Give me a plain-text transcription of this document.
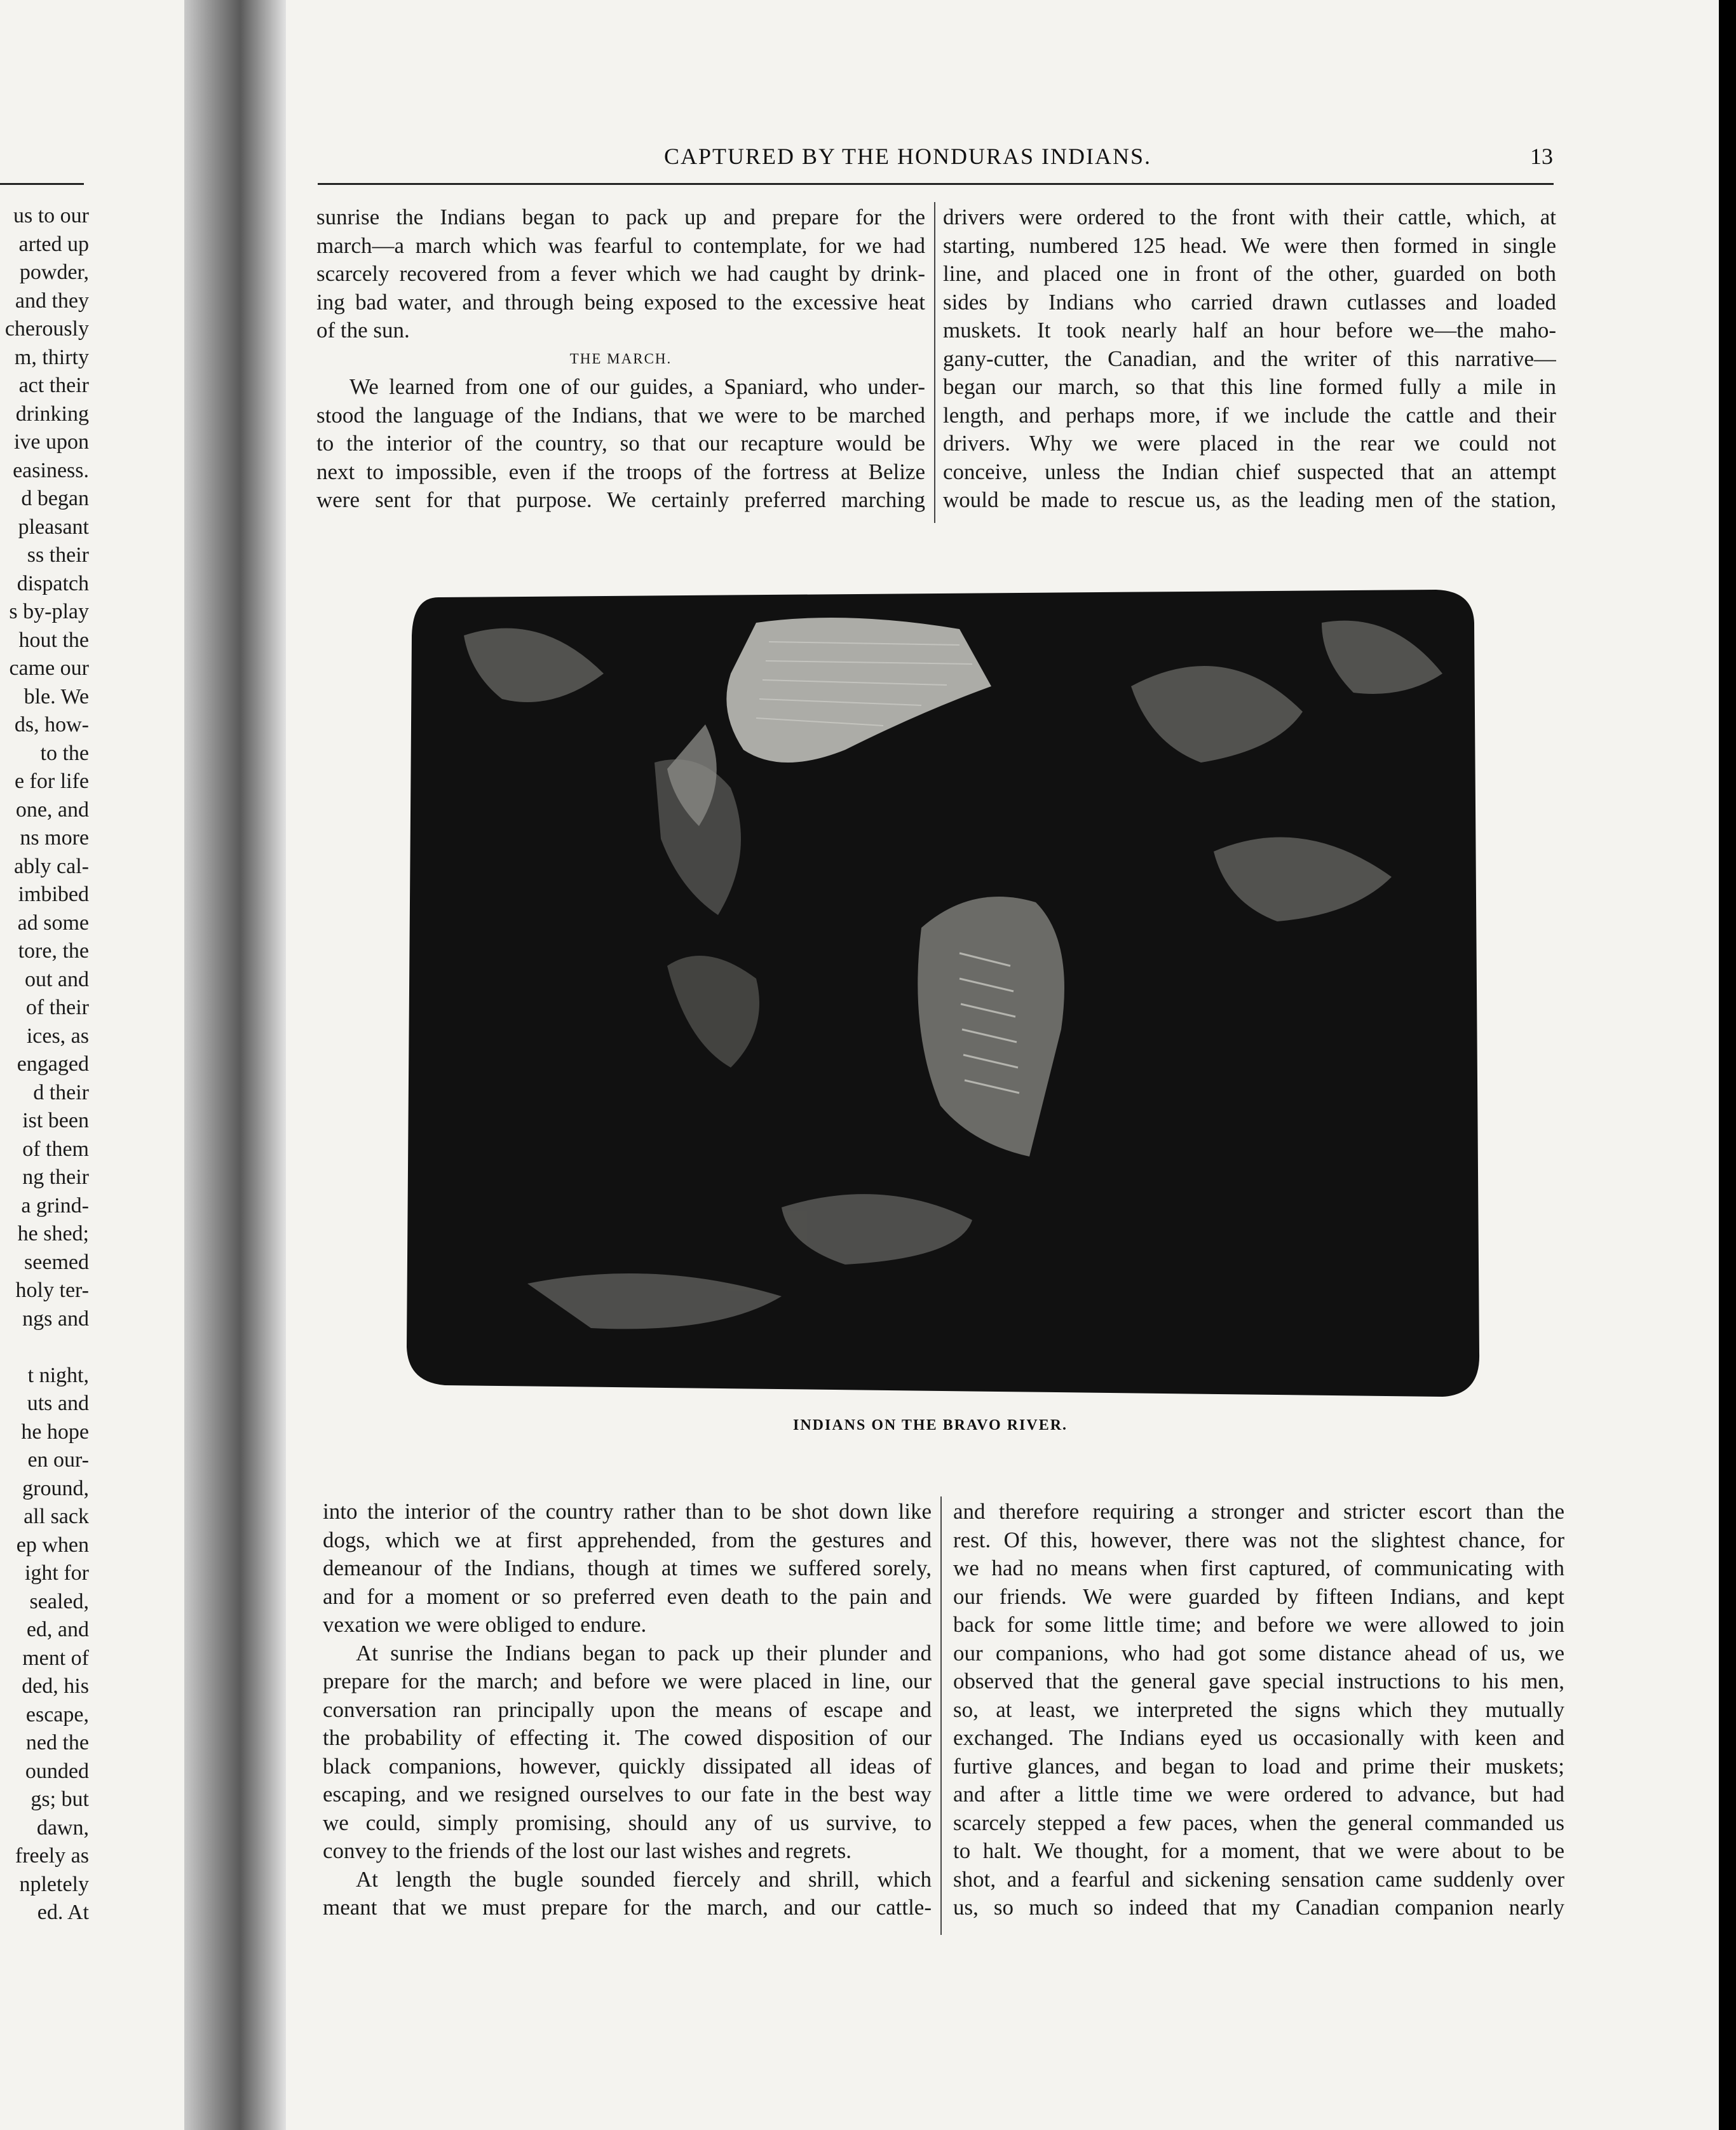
us to our
arted up
powder,
and they
cherously
m, thirty
act their
drinking
ive upon
easiness.
d began
pleasant
ss their
dispatch
s by-play
hout the
came our
ble. We
ds, how-
to the
e for life
one, and
ns more
ably cal-
imbibed
ad some
tore, the
out and
of their
ices, as
engaged
d their
ist been
of them
ng their
a grind-
he shed;
seemed
holy ter-
ngs and
t night,
uts and
he hope
en our-
ground,
all sack
ep when
ight for
sealed,
ed, and
ment of
ded, his
escape,
ned the
ounded
gs; but
dawn,
freely as
npletely
ed. At
CAPTURED BY THE HONDURAS INDIANS.	13
sunrise the Indians began to pack up and prepare for the
march—a march which was fearful to contemplate, for we had
scarcely recovered from a fever which we had caught by drink-
ing bad water, and through being exposed to the excessive heat
of the sun.
THE MARCH.
We learned from one of our guides, a Spaniard, who under-
stood the language of the Indians, that we were to be marched
to the interior of the country, so that our recapture would be
next to impossible, even if the troops of the fortress at Belize
were sent for that purpose. We certainly preferred marching
drivers were ordered to the front with their cattle, which, at
starting, numbered 125 head. We were then formed in single
line, and placed one in front of the other, guarded on both
sides by Indians who carried drawn cutlasses and loaded
muskets. It took nearly half an hour before we—the maho-
gany-cutter, the Canadian, and the writer of this narrative—
began our march, so that this line formed fully a mile in
length, and perhaps more, if we include the cattle and their
drivers. Why we were placed in the rear we could not
conceive, unless the Indian chief suspected that an attempt
would be made to rescue us, as the leading men of the station,
INDIANS ON THE BRAVO RIVER.
into the interior of the country rather than to be shot down like
dogs, which we at first apprehended, from the gestures and
demeanour of the Indians, though at times we suffered sorely,
and for a moment or so preferred even death to the pain and
vexation we were obliged to endure.
At sunrise the Indians began to pack up their plunder and
prepare for the march; and before we were placed in line, our
conversation ran principally upon the means of escape and
the probability of effecting it. The cowed disposition of our
black companions, however, quickly dissipated all ideas of
escaping, and we resigned ourselves to our fate in the best way
we could, simply promising, should any of us survive, to
convey to the friends of the lost our last wishes and regrets.
At length the bugle sounded fiercely and shrill, which
meant that we must prepare for the march, and our cattle-
and therefore requiring a stronger and stricter escort than the
rest. Of this, however, there was not the slightest chance, for
we had no means when first captured, of communicating with
our friends. We were guarded by fifteen Indians, and kept
back for some little time; and before we were allowed to join
our companions, who had got some distance ahead of us, we
observed that the general gave special instructions to his men,
so, at least, we interpreted the signs which they mutually
exchanged. The Indians eyed us occasionally with keen and
furtive glances, and began to load and prime their muskets;
and after a little time we were ordered to advance, but had
scarcely stepped a few paces, when the general commanded us
to halt. We thought, for a moment, that we were about to be
shot, and a fearful and sickening sensation came suddenly over
us, so much so indeed that my Canadian companion nearly
